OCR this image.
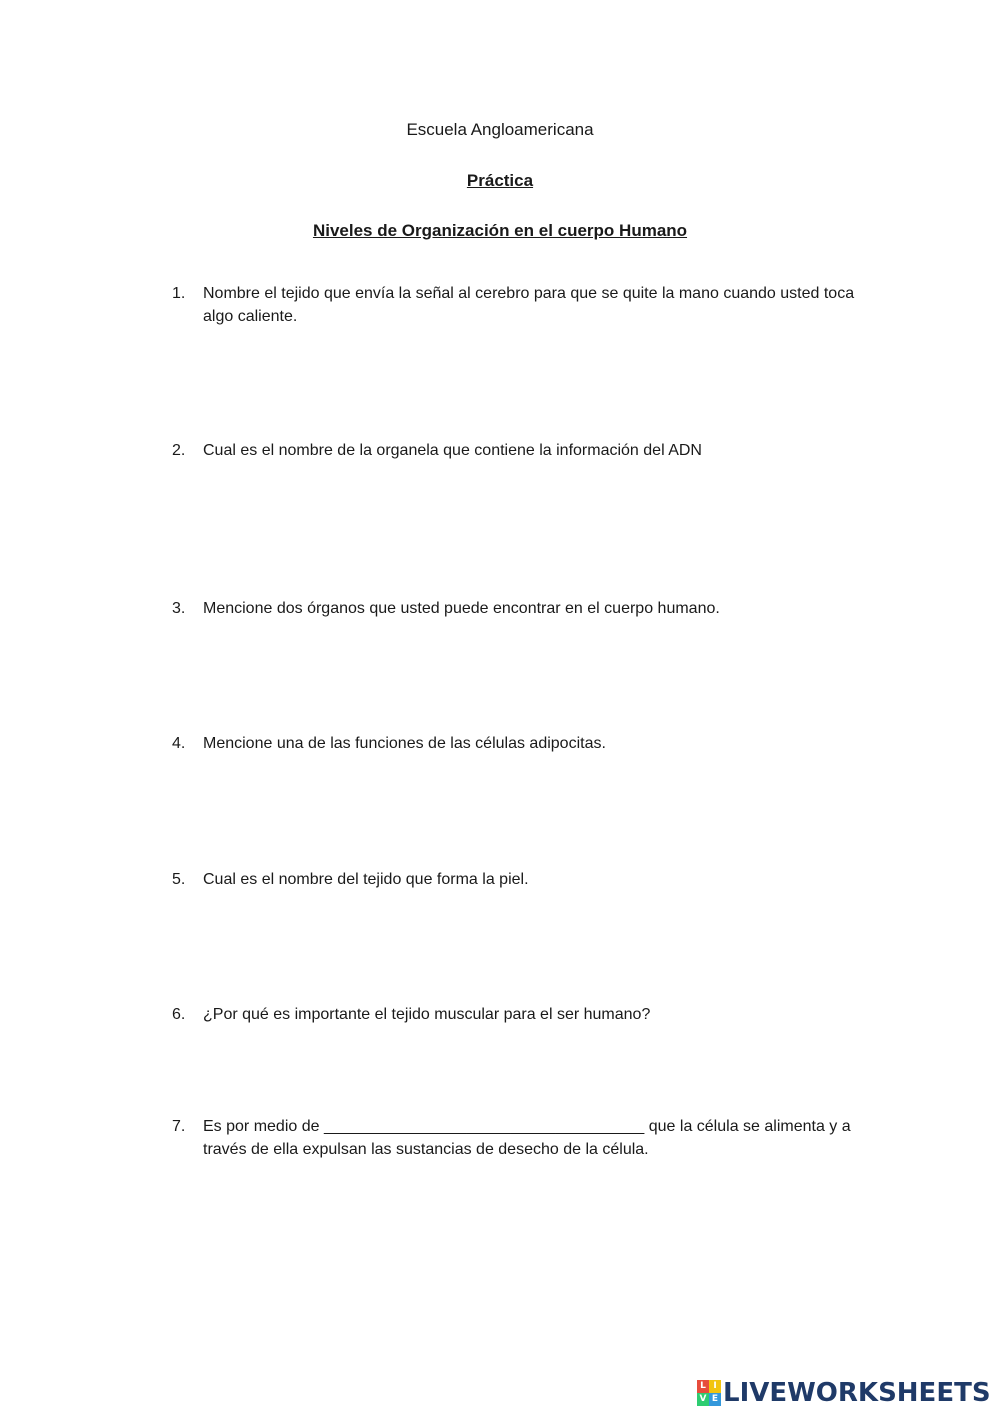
Escuela Angloamericana
Práctica
Niveles de Organización en el cuerpo Humano
1. Nombre el tejido que envía la señal al cerebro para que se quite la mano cuando usted toca algo caliente.
2. Cual es el nombre de la organela que contiene la información del ADN
3. Mencione dos órganos que usted puede encontrar en el cuerpo humano.
4. Mencione una de las funciones de las células adipocitas.
5. Cual es el nombre del tejido que forma la piel.
6. ¿Por qué es importante el tejido muscular para el ser humano?
7. Es por medio de ____________________________________ que la célula se alimenta y a través de ella expulsan las sustancias de desecho de la célula.
L I
V E LIVEWORKSHEETS
